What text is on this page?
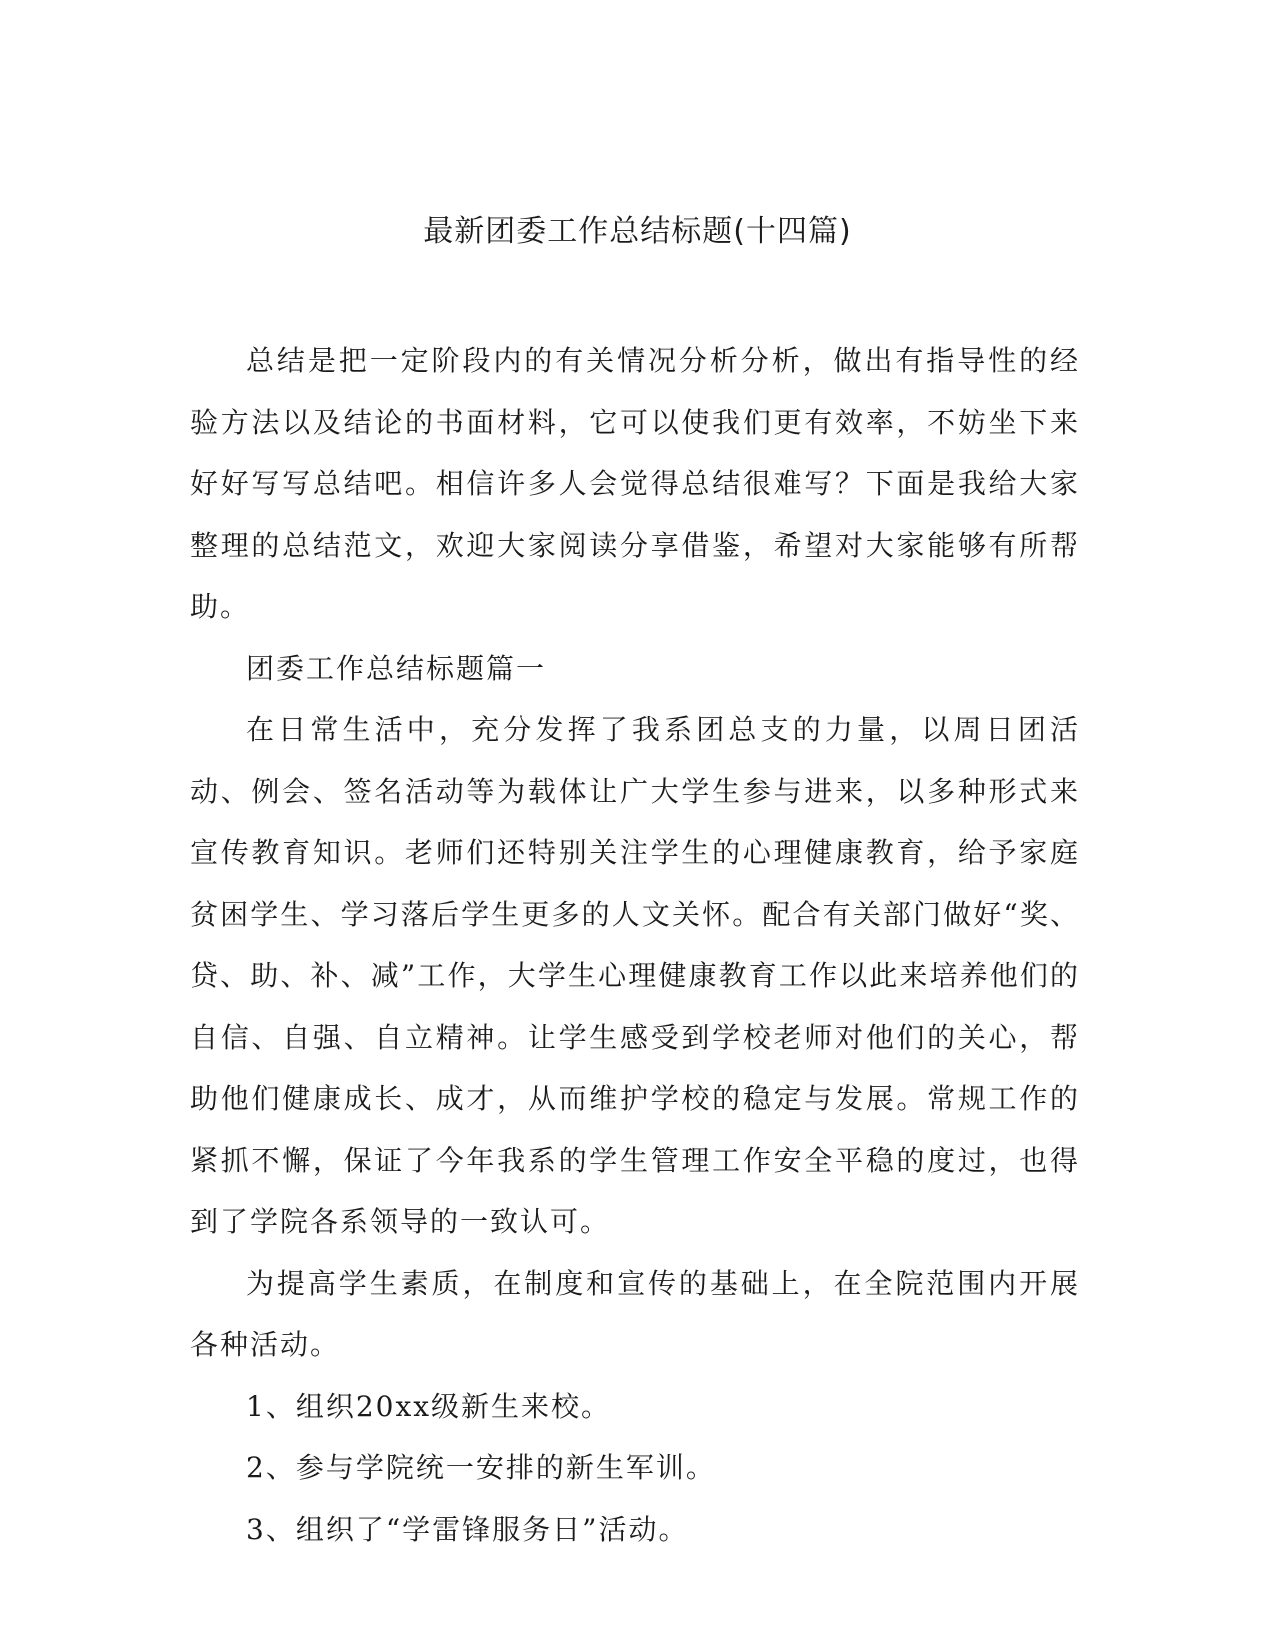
最新团委工作总结标题(十四篇)

总结是把一定阶段内的有关情况分析分析，做出有指导性的经验方法以及结论的书面材料，它可以使我们更有效率，不妨坐下来好好写写总结吧。相信许多人会觉得总结很难写？下面是我给大家整理的总结范文，欢迎大家阅读分享借鉴，希望对大家能够有所帮助。

团委工作总结标题篇一

在日常生活中，充分发挥了我系团总支的力量，以周日团活动、例会、签名活动等为载体让广大学生参与进来，以多种形式来宣传教育知识。老师们还特别关注学生的心理健康教育，给予家庭贫困学生、学习落后学生更多的人文关怀。配合有关部门做好“奖、贷、助、补、减”工作，大学生心理健康教育工作以此来培养他们的自信、自强、自立精神。让学生感受到学校老师对他们的关心，帮助他们健康成长、成才，从而维护学校的稳定与发展。常规工作的紧抓不懈，保证了今年我系的学生管理工作安全平稳的度过，也得到了学院各系领导的一致认可。

为提高学生素质，在制度和宣传的基础上，在全院范围内开展各种活动。

1、组织20xx级新生来校。

2、参与学院统一安排的新生军训。

3、组织了“学雷锋服务日”活动。
